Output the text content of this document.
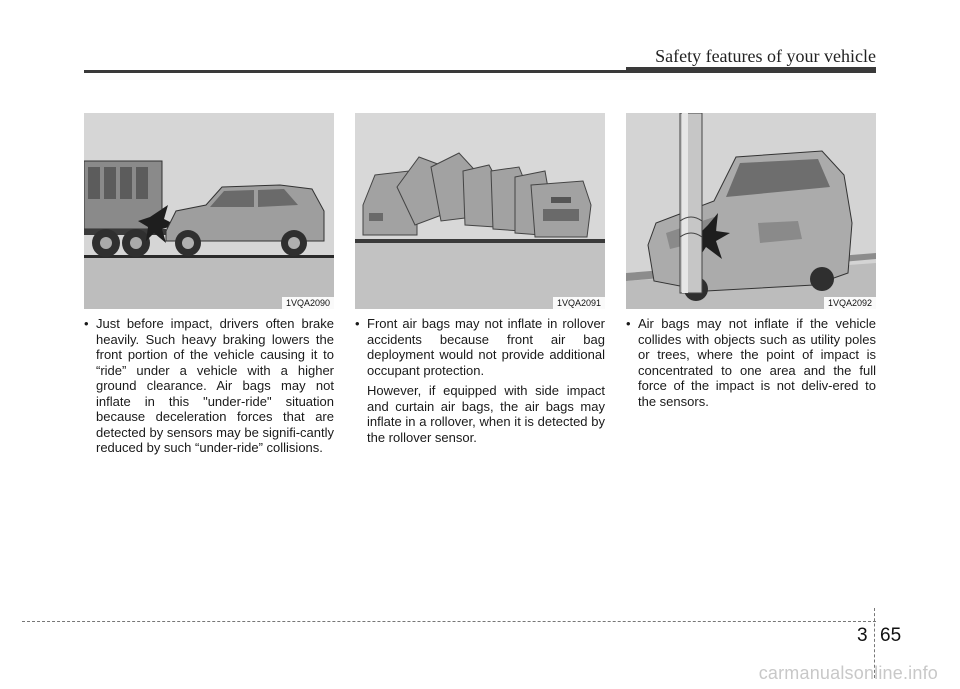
Safety features of your vehicle
1VQA2090	1VQA2091	1VQA2092

• Just before impact, drivers often brake heavily. Such heavy braking lowers the front portion of the vehicle causing it to “ride” under a vehicle with a higher ground clearance. Air bags may not inflate in this "under-ride" situation because deceleration forces that are detected by sensors may be signifi-cantly reduced by such “under-ride” collisions.

• Front air bags may not inflate in rollover accidents because front air bag deployment would not provide additional occupant protection.

However, if equipped with side impact and curtain air bags, the air bags may inflate in a rollover, when it is detected by the rollover sensor.

• Air bags may not inflate if the vehicle collides with objects such as utility poles or trees, where the point of impact is concentrated to one area and the full force of the impact is not deliv-ered to the sensors.

3 65
carmanualsonline.info
